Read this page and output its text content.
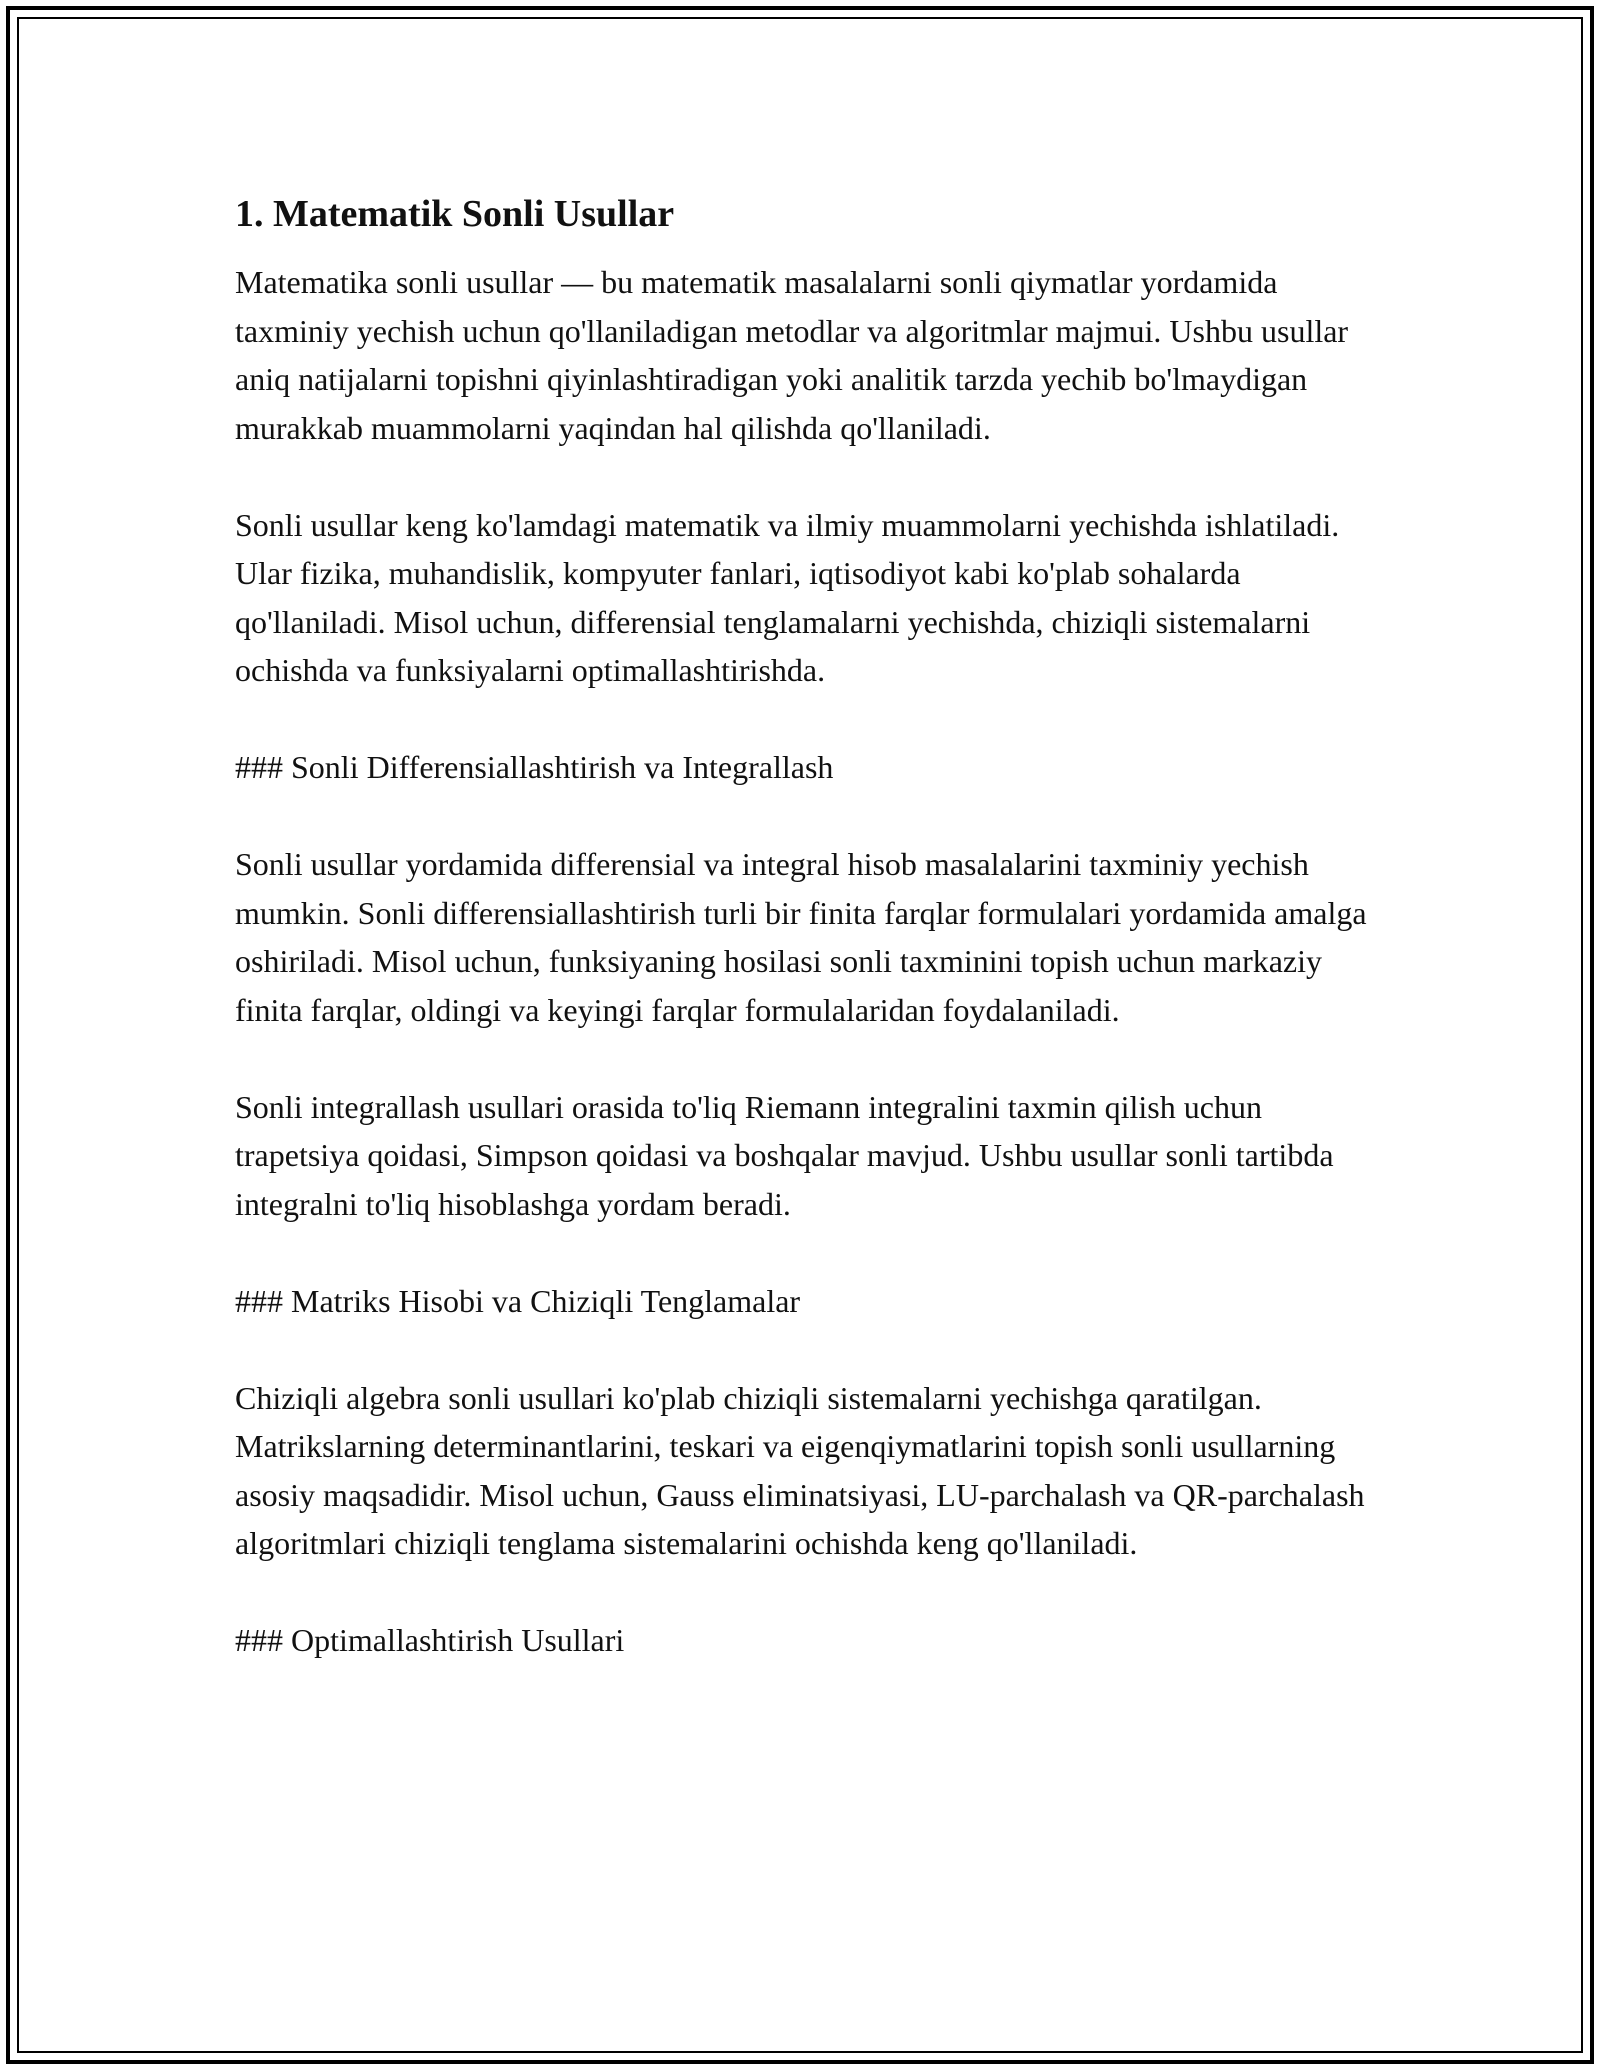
1. Matematik Sonli Usullar

Matematika sonli usullar — bu matematik masalalarni sonli qiymatlar yordamida taxminiy yechish uchun qo'llaniladigan metodlar va algoritmlar majmui. Ushbu usullar aniq natijalarni topishni qiyinlashtiradigan yoki analitik tarzda yechib bo'lmaydigan murakkab muammolarni yaqindan hal qilishda qo'llaniladi.

Sonli usullar keng ko'lamdagi matematik va ilmiy muammolarni yechishda ishlatiladi. Ular fizika, muhandislik, kompyuter fanlari, iqtisodiyot kabi ko'plab sohalarda qo'llaniladi. Misol uchun, differensial tenglamalarni yechishda, chiziqli sistemalarni ochishda va funksiyalarni optimallashtirishda.

### Sonli Differensiallashtirish va Integrallash

Sonli usullar yordamida differensial va integral hisob masalalarini taxminiy yechish mumkin. Sonli differensiallashtirish turli bir finita farqlar formulalari yordamida amalga oshiriladi. Misol uchun, funksiyaning hosilasi sonli taxminini topish uchun markaziy finita farqlar, oldingi va keyingi farqlar formulalaridan foydalaniladi.

Sonli integrallash usullari orasida to'liq Riemann integralini taxmin qilish uchun trapetsiya qoidasi, Simpson qoidasi va boshqalar mavjud. Ushbu usullar sonli tartibda integralni to'liq hisoblashga yordam beradi.

### Matriks Hisobi va Chiziqli Tenglamalar

Chiziqli algebra sonli usullari ko'plab chiziqli sistemalarni yechishga qaratilgan. Matrikslarning determinantlarini, teskari va eigenqiymatlarini topish sonli usullarning asosiy maqsadidir. Misol uchun, Gauss eliminatsiyasi, LU-parchalash va QR-parchalash algoritmlari chiziqli tenglama sistemalarini ochishda keng qo'llaniladi.

### Optimallashtirish Usullari
